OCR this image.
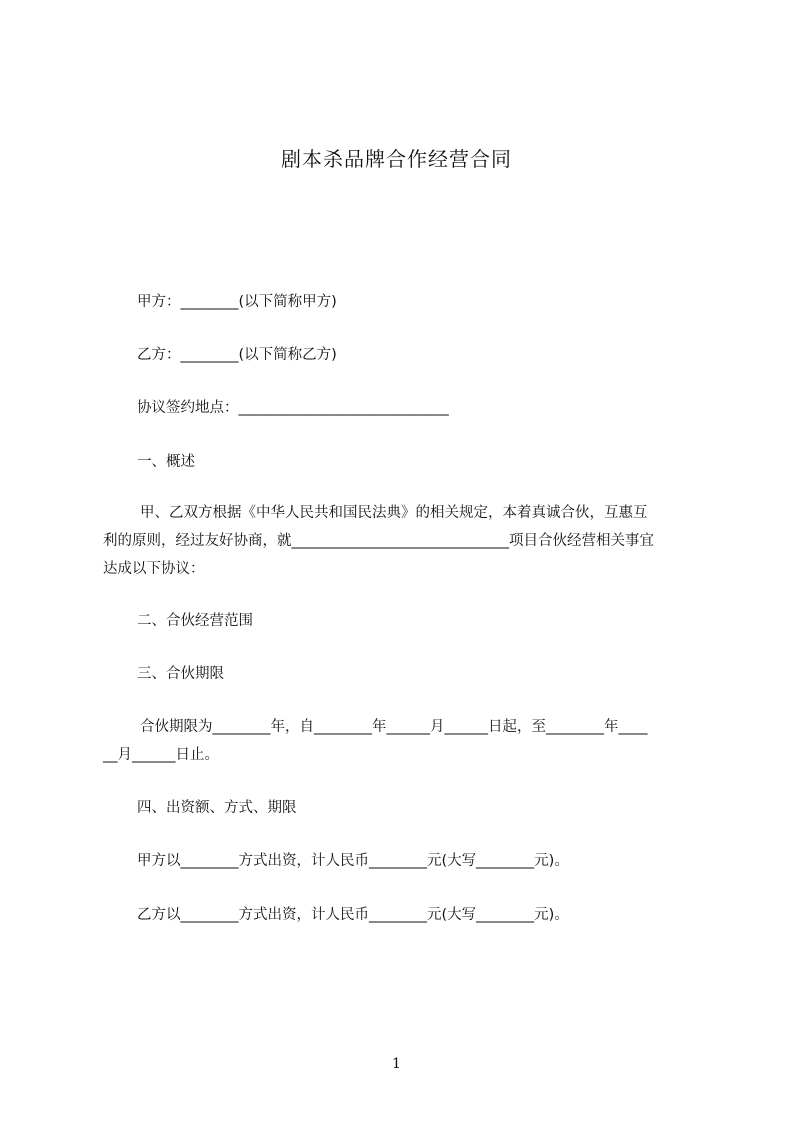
剧本杀品牌合作经营合同
甲方：________(以下简称甲方)
乙方：________(以下简称乙方)
协议签约地点：_____________________________
一、概述
甲、乙双方根据《中华人民共和国民法典》的相关规定，本着真诚合伙，互惠互
利的原则，经过友好协商，就______________________________项目合伙经营相关事宜
达成以下协议：
二、合伙经营范围
三、合伙期限
合伙期限为________年，自________年______月______日起，至________年____
__月______日止。
四、出资额、方式、期限
甲方以________方式出资，计人民币________元(大写________元)。
乙方以________方式出资，计人民币________元(大写________元)。
1
